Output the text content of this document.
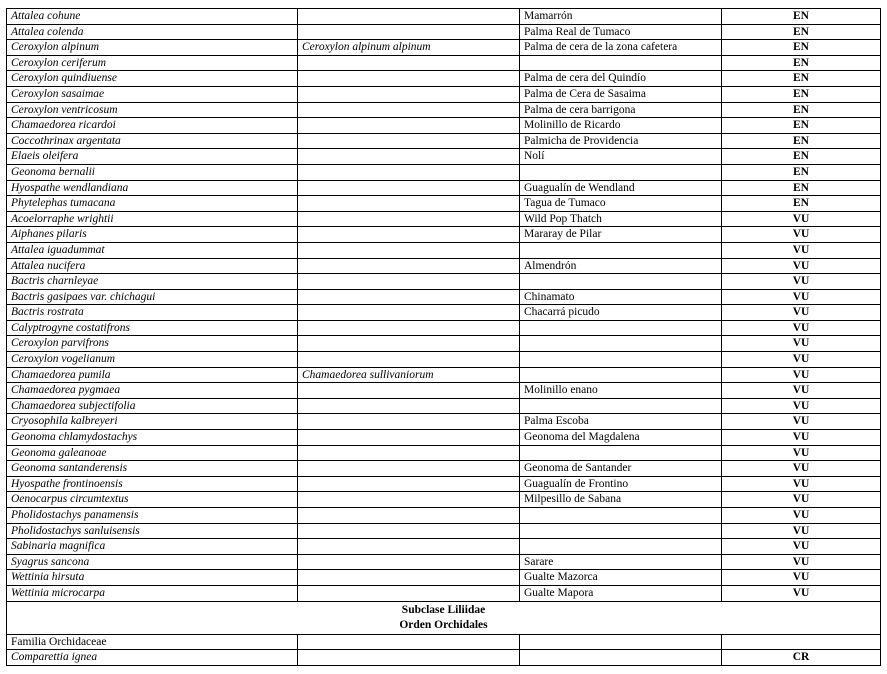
Attalea cohune		Mamarrón	EN
Attalea colenda		Palma Real de Tumaco	EN
Ceroxylon alpinum	Ceroxylon alpinum alpinum	Palma de cera de la zona cafetera	EN
Ceroxylon ceriferum			EN
Ceroxylon quindiuense		Palma de cera del Quindío	EN
Ceroxylon sasaimae		Palma de Cera de Sasaima	EN
Ceroxylon ventricosum		Palma de cera barrigona	EN
Chamaedorea ricardoi		Molinillo de Ricardo	EN
Coccothrinax argentata		Palmicha de Providencia	EN
Elaeis oleifera		Nolí	EN
Geonoma bernalii			EN
Hyospathe wendlandiana		Guagualín de Wendland	EN
Phytelephas tumacana		Tagua de Tumaco	EN
Acoelorraphe wrightii		Wild Pop Thatch	VU
Aiphanes pilaris		Mararay de Pilar	VU
Attalea iguadummat			VU
Attalea nucifera		Almendrón	VU
Bactris charnleyae			VU
Bactris gasipaes var. chichagui		Chinamato	VU
Bactris rostrata		Chacarrá picudo	VU
Calyptrogyne costatifrons			VU
Ceroxylon parvifrons			VU
Ceroxylon vogelianum			VU
Chamaedorea pumila	Chamaedorea sullivaniorum		VU
Chamaedorea pygmaea		Molinillo enano	VU
Chamaedorea subjectifolia			VU
Cryosophila kalbreyeri		Palma Escoba	VU
Geonoma chlamydostachys		Geonoma del Magdalena	VU
Geonoma galeanoae			VU
Geonoma santanderensis		Geonoma de Santander	VU
Hyospathe frontinoensis		Guagualín de Frontino	VU
Oenocarpus circumtextus		Milpesillo de Sabana	VU
Pholidostachys panamensis			VU
Pholidostachys sanluisensis			VU
Sabinaria magnifica			VU
Syagrus sancona		Sarare	VU
Wettinia hirsuta		Gualte Mazorca	VU
Wettinia microcarpa		Gualte Mapora	VU

Subclase Liliidae
Orden Orchidales			

Familia Orchidaceae			
Comparettia ignea			CR
